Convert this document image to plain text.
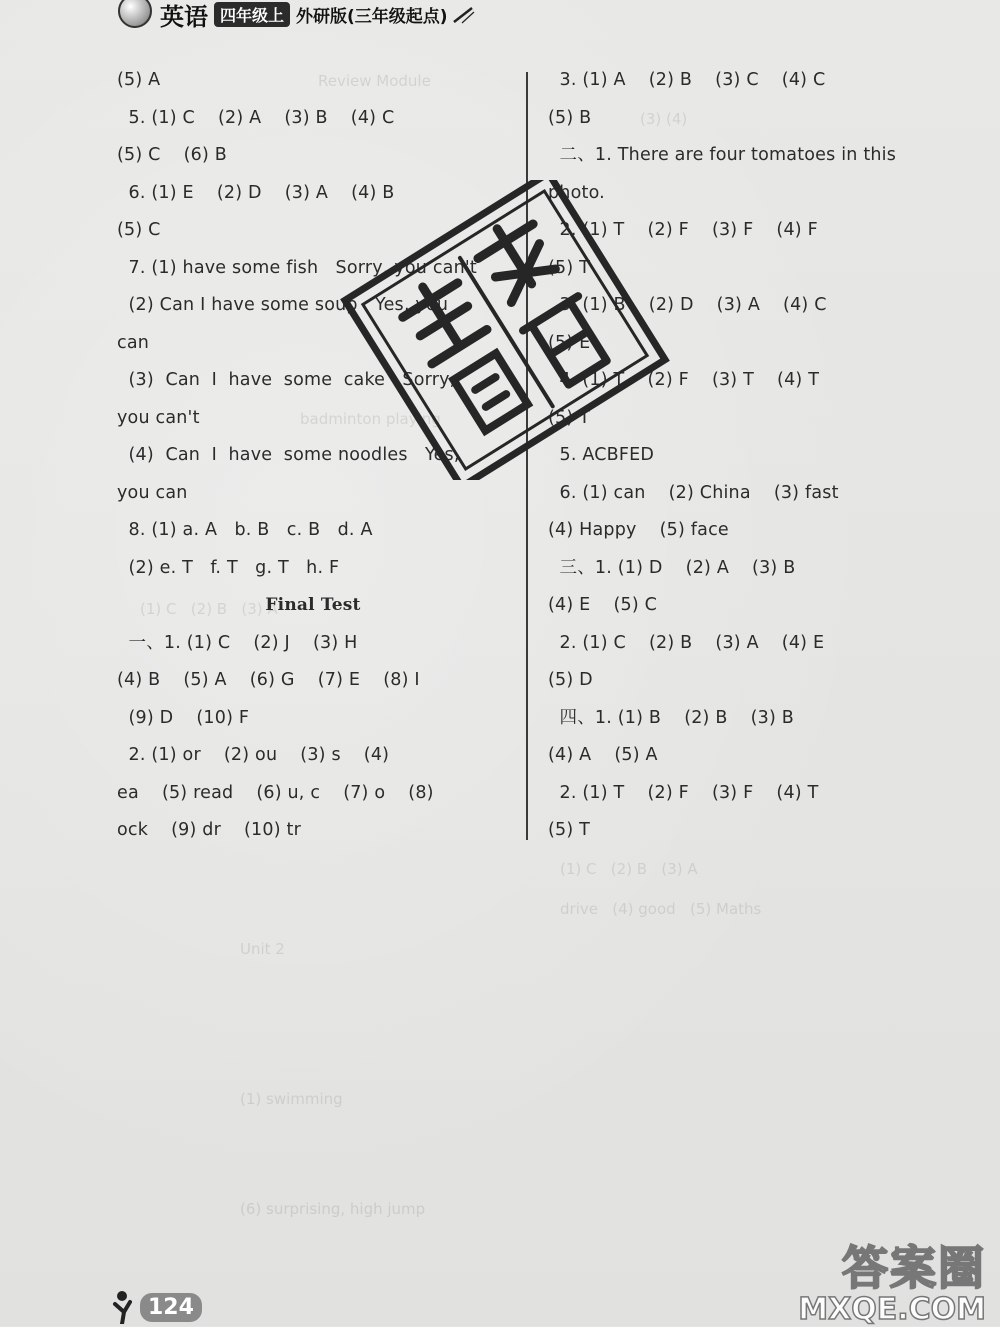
Review Module
(3) (4)
badminton playing
(1) C   (2) B   (3) A
(1) C   (2) B   (3) A
drive   (4) good   (5) Maths
Unit 2
(1) swimming
(6) surprising, high jump
英语 四年级上 外研版(三年级起点)
(5) A
5. (1) C    (2) A    (3) B    (4) C
(5) C    (6) B
6. (1) E    (2) D    (3) A    (4) B
(5) C
7. (1) have some fish   Sorry, you can't
(2) Can I have some soup   Yes, you
can
(3)  Can  I  have  some  cake   Sorry,
you can't
(4)  Can  I  have  some noodles   Yes,
you can
8. (1) a. A   b. B   c. B   d. A
(2) e. T   f. T   g. T   h. F
Final Test
一、1. (1) C    (2) J    (3) H
(4) B    (5) A    (6) G    (7) E    (8) I
(9) D    (10) F
2. (1) or    (2) ou    (3) s    (4)
ea    (5) read    (6) u, c    (7) o    (8)
ock    (9) dr    (10) tr
3. (1) A    (2) B    (3) C    (4) C
(5) B
二、1. There are four tomatoes in this
photo.
2. (1) T    (2) F    (3) F    (4) F
(5) T
3. (1) B    (2) D    (3) A    (4) C
(5) E
4. (1) T    (2) F    (3) T    (4) T
(5) T
5. ACBFED
6. (1) can    (2) China    (3) fast
(4) Happy    (5) face
三、1. (1) D    (2) A    (3) B
(4) E    (5) C
2. (1) C    (2) B    (3) A    (4) E
(5) D
四、1. (1) B    (2) B    (3) B
(4) A    (5) A
2. (1) T    (2) F    (3) F    (4) T
(5) T
124
答案圈
MXQE.COM
